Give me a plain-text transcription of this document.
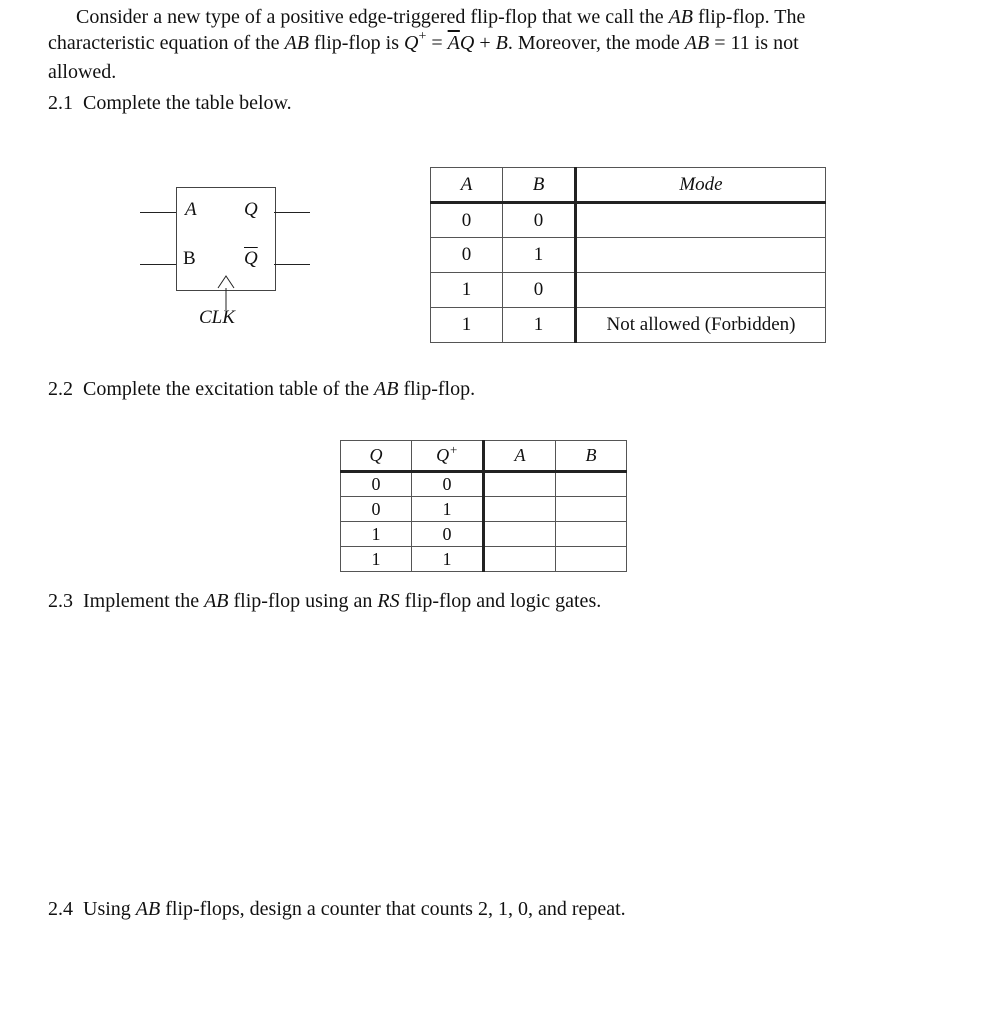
Consider a new type of a positive edge-triggered flip-flop that we call the AB flip-flop. The
characteristic equation of the AB flip-flop is $Q^+ = \overline{A}Q + B$. Moreover, the mode AB = 11 is not
allowed.
2.1 Complete the table below.
A
B
Q
$\overline{Q}$
CLK
A	B	Mode
0	0	
0	1	
1	0	
1	1	Not allowed (Forbidden)
2.2 Complete the excitation table of the AB flip-flop.
Q	Q+	A	B
0	0		
0	1		
1	0		
1	1		
2.3 Implement the AB flip-flop using an RS flip-flop and logic gates.
2.4 Using AB flip-flops, design a counter that counts 2, 1, 0, and repeat.
